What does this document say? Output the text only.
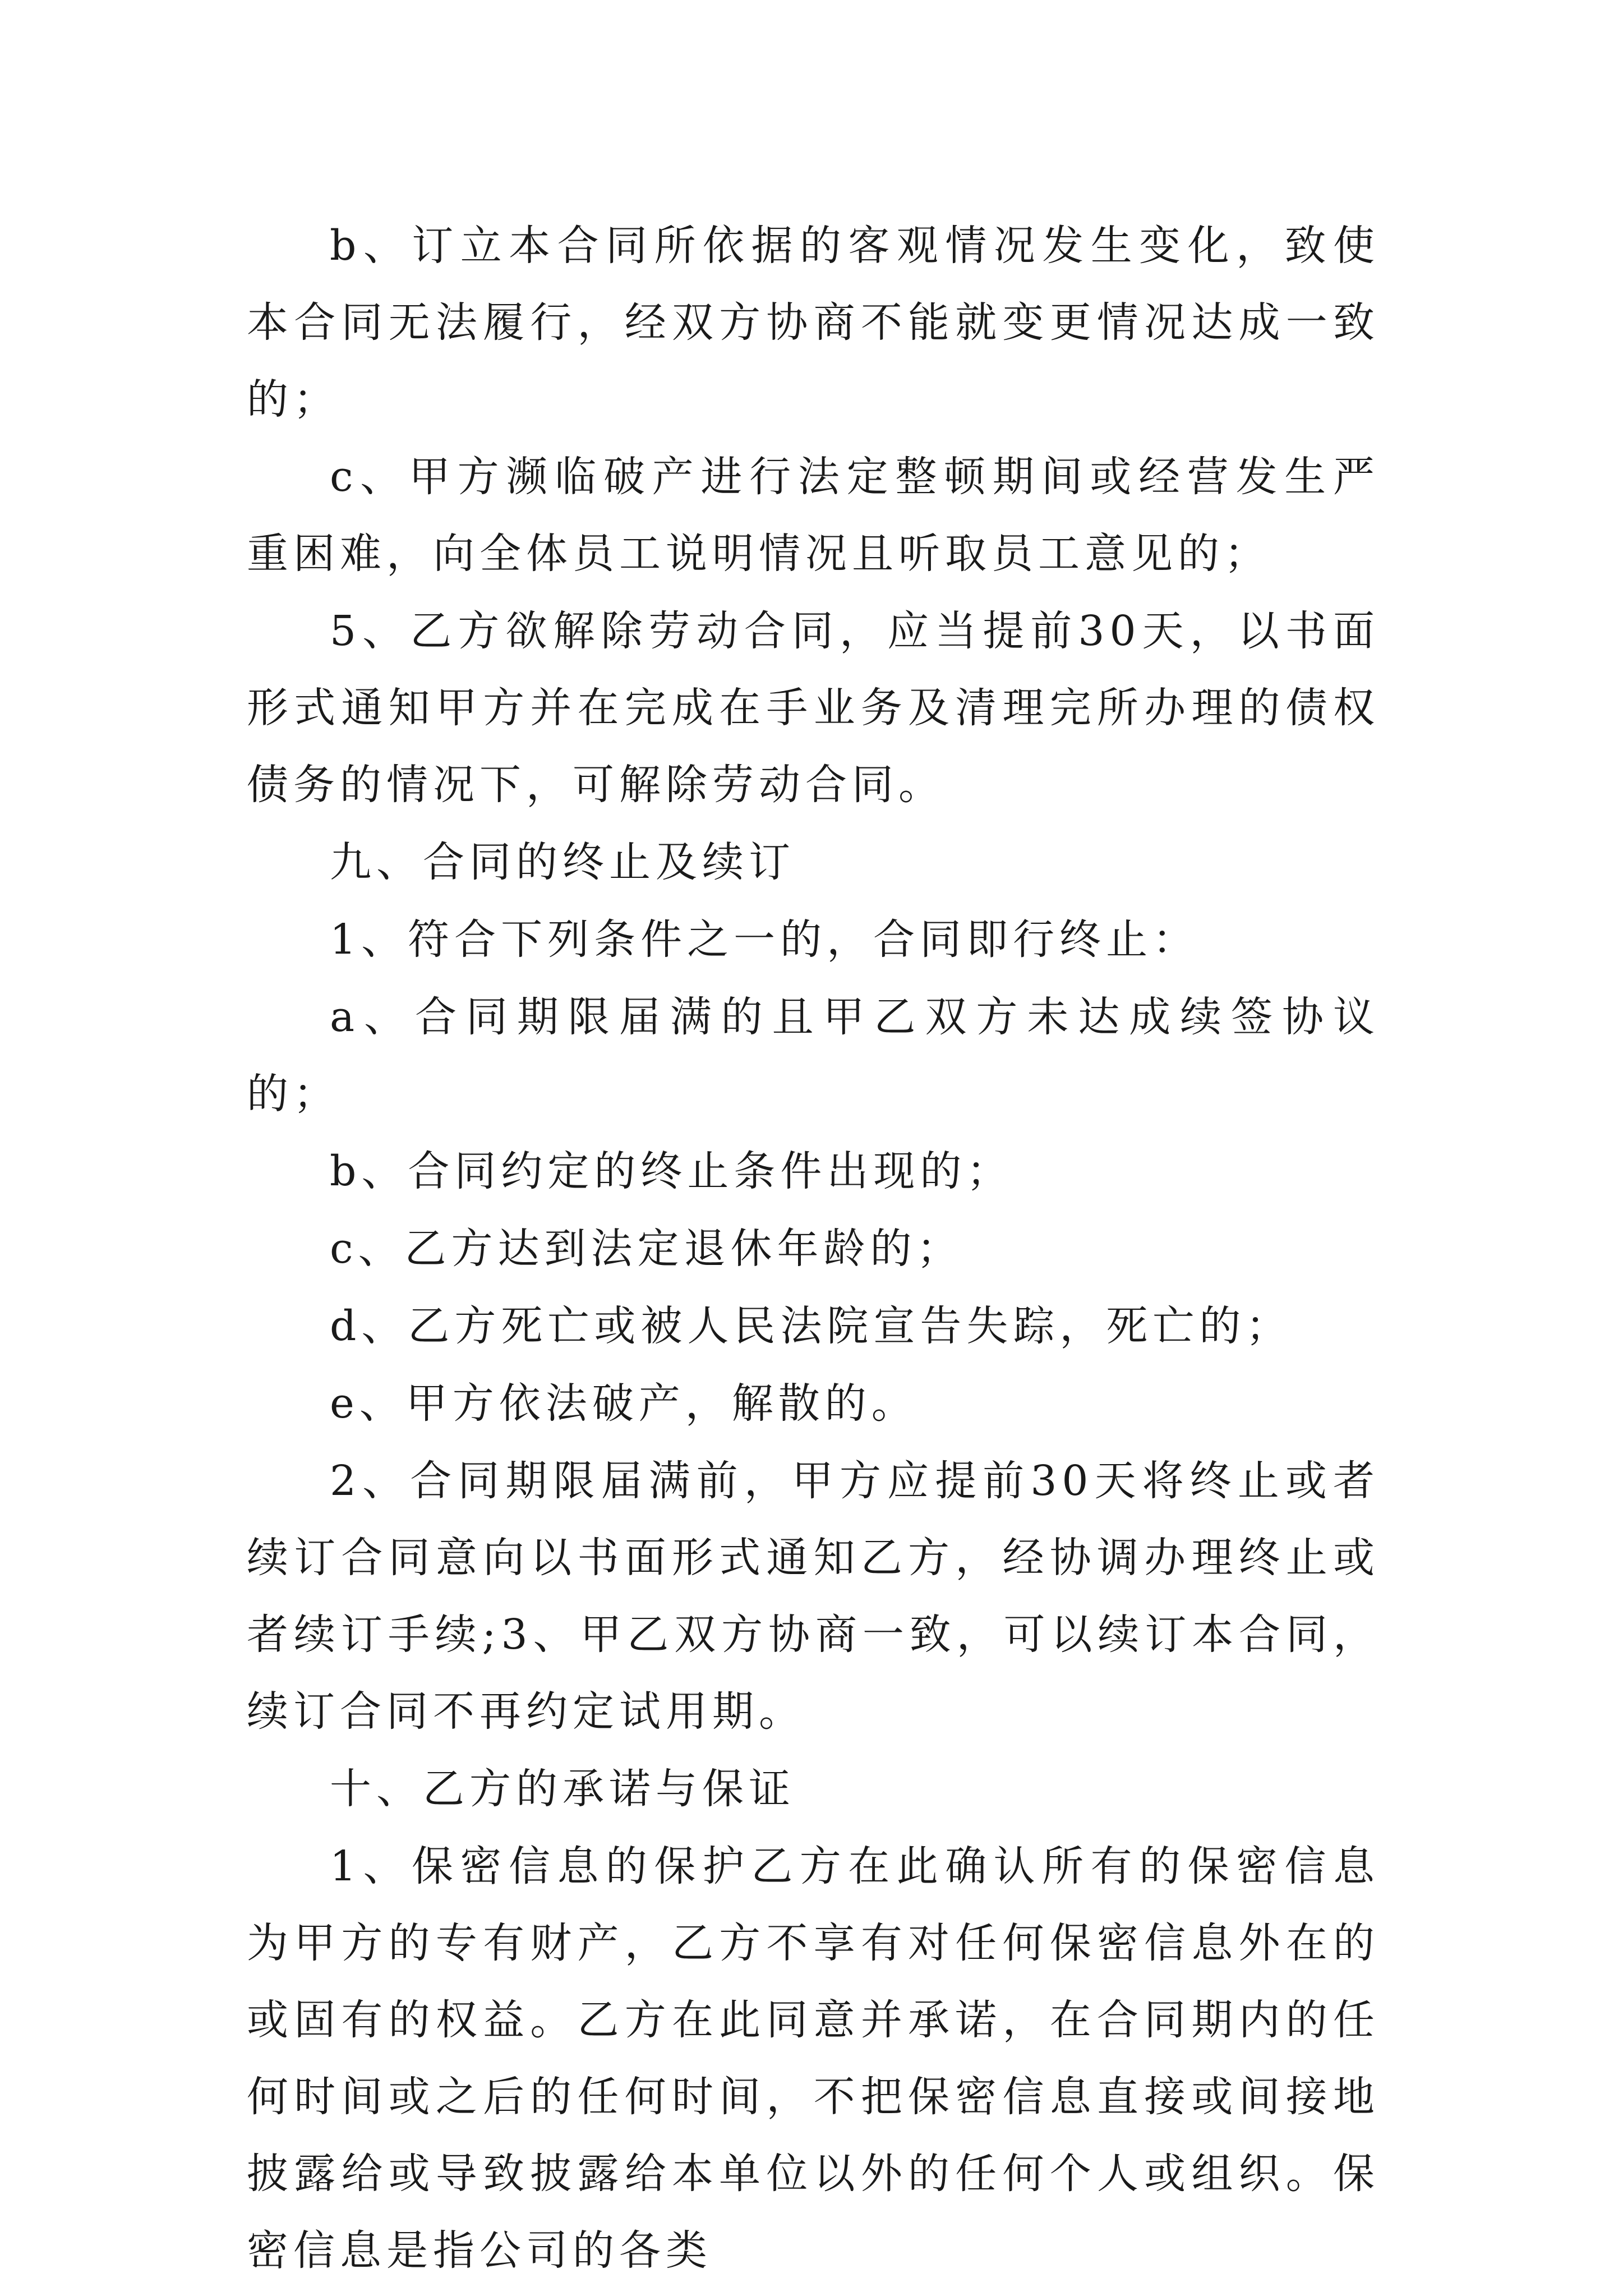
b、订立本合同所依据的客观情况发生变化，致使本合同无法履行，经双方协商不能就变更情况达成一致的；

c、甲方濒临破产进行法定整顿期间或经营发生严重困难，向全体员工说明情况且听取员工意见的；

5、乙方欲解除劳动合同，应当提前30天，以书面形式通知甲方并在完成在手业务及清理完所办理的债权债务的情况下，可解除劳动合同。

九、合同的终止及续订

1、符合下列条件之一的，合同即行终止：

a、合同期限届满的且甲乙双方未达成续签协议的；

b、合同约定的终止条件出现的；

c、乙方达到法定退休年龄的；

d、乙方死亡或被人民法院宣告失踪，死亡的；

e、甲方依法破产，解散的。

2、合同期限届满前，甲方应提前30天将终止或者续订合同意向以书面形式通知乙方，经协调办理终止或者续订手续;3、甲乙双方协商一致，可以续订本合同，续订合同不再约定试用期。

十、乙方的承诺与保证

1、保密信息的保护乙方在此确认所有的保密信息为甲方的专有财产，乙方不享有对任何保密信息外在的或固有的权益。乙方在此同意并承诺，在合同期内的任何时间或之后的任何时间，不把保密信息直接或间接地披露给或导致披露给本单位以外的任何个人或组织。保密信息是指公司的各类
